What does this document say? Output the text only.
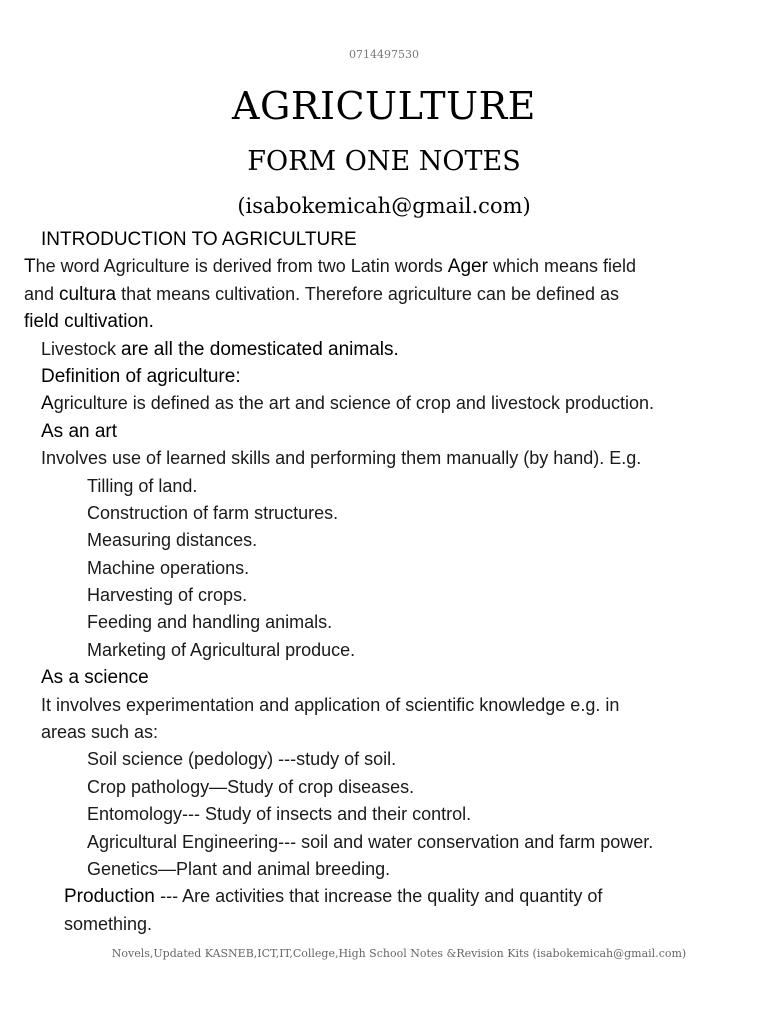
0714497530
AGRICULTURE
FORM ONE NOTES
(isabokemicah@gmail.com)
INTRODUCTION TO AGRICULTURE
The word Agriculture is derived from two Latin words Ager which means field
and cultura that means cultivation. Therefore agriculture can be defined as
field cultivation.
Livestock are all the domesticated animals.
Definition of agriculture:
Agriculture is defined as the art and science of crop and livestock production.
As an art
Involves use of learned skills and performing them manually (by hand). E.g.
Tilling of land.
Construction of farm structures.
Measuring distances.
Machine operations.
Harvesting of crops.
Feeding and handling animals.
Marketing of Agricultural produce.
As a science
It involves experimentation and application of scientific knowledge e.g. in
areas such as:
Soil science (pedology) ---study of soil.
Crop pathology—Study of crop diseases.
Entomology--- Study of insects and their control.
Agricultural Engineering--- soil and water conservation and farm power.
Genetics—Plant and animal breeding.
Production --- Are activities that increase the quality and quantity of
something.
Novels,Updated KASNEB,ICT,IT,College,High School Notes &Revision Kits (isabokemicah@gmail.com)
